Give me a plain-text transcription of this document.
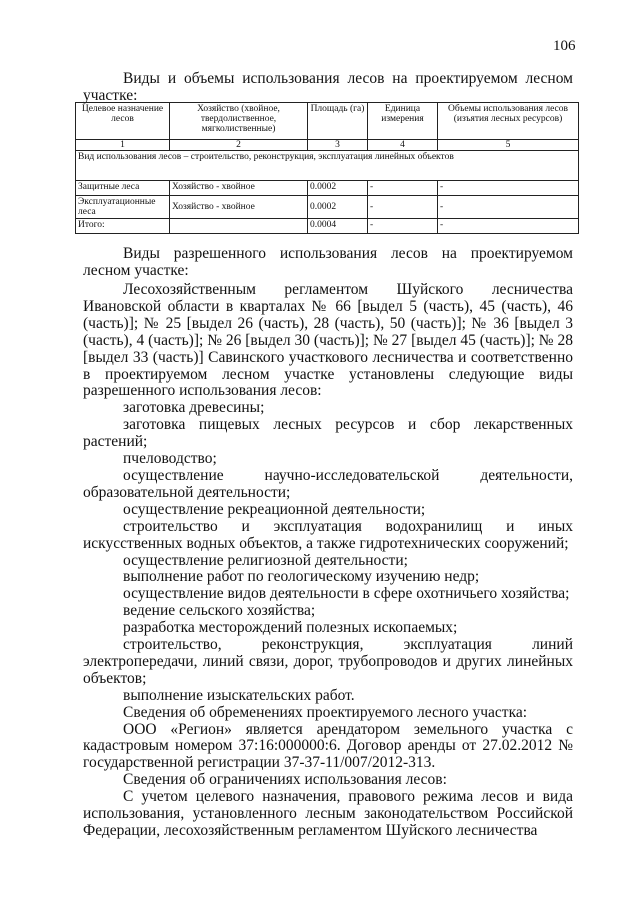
106
Виды и объемы использования лесов на проектируемом лесном участке:
Целевое назначение лесов	Хозяйство (хвойное, твердолиственное, мягколиственные)	Площадь (га)	Единица измерения	Объемы использования лесов (изъятия лесных ресурсов)
1	2	3	4	5
Вид использования лесов – строительство, реконструкция, эксплуатация линейных объектов				
Защитные леса	Хозяйство - хвойное	0.0002	-	-
Эксплуатационные леса	Хозяйство - хвойное	0.0002	-	-
Итого:		0.0004	-	-
Виды разрешенного использования лесов на проектируемом лесном участке:

Лесохозяйственным регламентом Шуйского лесничества Ивановской области в кварталах № 66 [выдел 5 (часть), 45 (часть), 46 (часть)]; № 25 [выдел 26 (часть), 28 (часть), 50 (часть)]; № 36 [выдел 3 (часть), 4 (часть)]; № 26 [выдел 30 (часть)]; № 27 [выдел 45 (часть)]; № 28 [выдел 33 (часть)] Савинского участкового лесничества и соответственно в проектируемом лесном участке установлены следующие виды разрешенного использования лесов:

заготовка древесины;

заготовка пищевых лесных ресурсов и сбор лекарственных растений;

пчеловодство;

осуществление научно-исследовательской деятельности, образовательной деятельности;

осуществление рекреационной деятельности;

строительство и эксплуатация водохранилищ и иных искусственных водных объектов, а также гидротехнических сооружений;

осуществление религиозной деятельности;

выполнение работ по геологическому изучению недр;

осуществление видов деятельности в сфере охотничьего хозяйства;

ведение сельского хозяйства;

разработка месторождений полезных ископаемых;

строительство, реконструкция, эксплуатация линий электропередачи, линий связи, дорог, трубопроводов и других линейных объектов;

выполнение изыскательских работ.

Сведения об обременениях проектируемого лесного участка:

ООО «Регион» является арендатором земельного участка с кадастровым номером 37:16:000000:6. Договор аренды от 27.02.2012 № государственной регистрации 37-37-11/007/2012-313.

Сведения об ограничениях использования лесов:

С учетом целевого назначения, правового режима лесов и вида использования, установленного лесным законодательством Российской Федерации, лесохозяйственным регламентом Шуйского лесничества
